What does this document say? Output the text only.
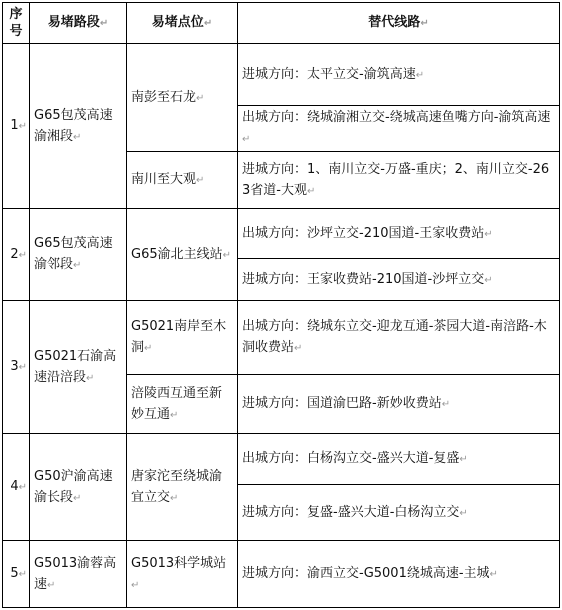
序号	易堵路段↵	易堵点位↵	替代线路↵
1↵	G65包茂高速渝湘段↵	南彭至石龙↵	进城方向：太平立交-渝筑高速↵
			出城方向：绕城渝湘立交-绕城高速鱼嘴方向-渝筑高速↵
		南川至大观↵	进城方向：1、南川立交-万盛-重庆；2、南川立交-263省道-大观↵
2↵	G65包茂高速渝邻段↵	G65渝北主线站↵	出城方向：沙坪立交-210国道-王家收费站↵
			进城方向：王家收费站-210国道-沙坪立交↵
3↵	G5021石渝高速沿涪段↵	G5021南岸至木洞↵	出城方向：绕城东立交-迎龙互通-茶园大道-南涪路-木洞收费站↵
		涪陵西互通至新妙互通↵	进城方向：国道渝巴路-新妙收费站↵
4↵	G50沪渝高速渝长段↵	唐家沱至绕城渝宜立交↵	出城方向：白杨沟立交-盛兴大道-复盛↵
			进城方向：复盛-盛兴大道-白杨沟立交↵
5↵	G5013渝蓉高速↵	G5013科学城站↵	进城方向：渝西立交-G5001绕城高速-主城↵
